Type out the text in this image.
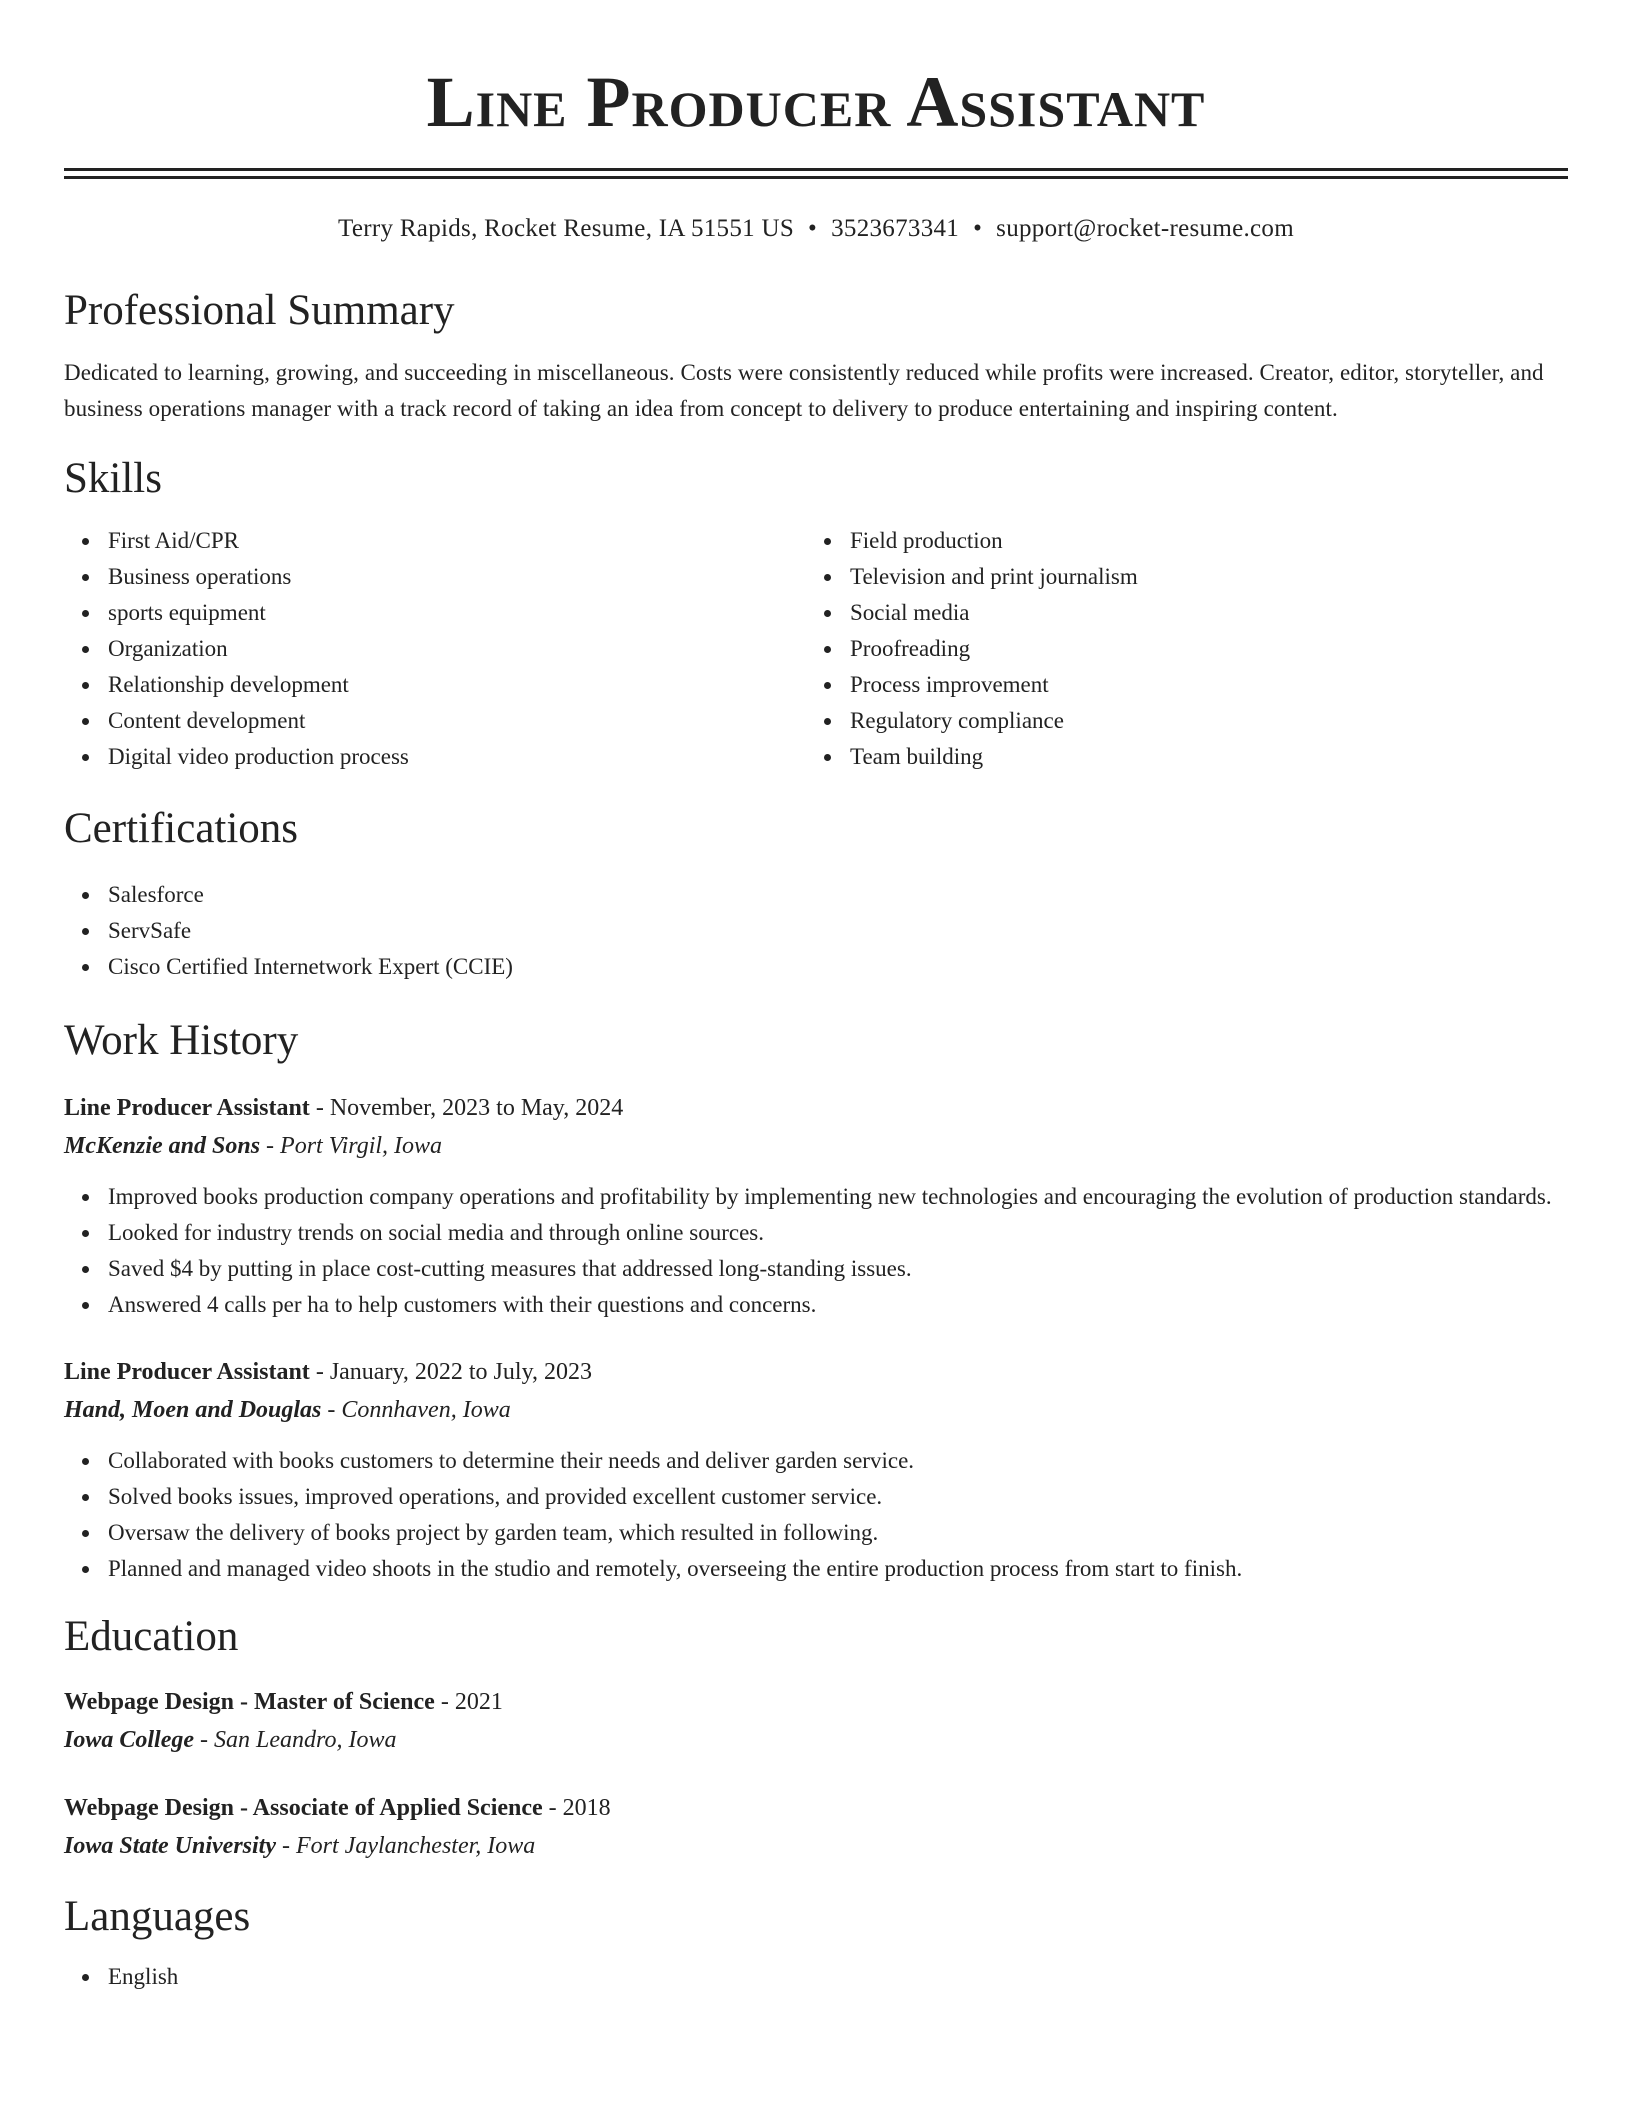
Line Producer Assistant
Terry Rapids, Rocket Resume, IA 51551 US • 3523673341 • support@rocket-resume.com
Professional Summary

Dedicated to learning, growing, and succeeding in miscellaneous. Costs were consistently reduced while profits were increased. Creator, editor, storyteller, and business operations manager with a track record of taking an idea from concept to delivery to produce entertaining and inspiring content.

Skills
First Aid/CPR
Business operations
sports equipment
Organization
Relationship development
Content development
Digital video production process
Field production
Television and print journalism
Social media
Proofreading
Process improvement
Regulatory compliance
Team building
Certifications
Salesforce
ServSafe
Cisco Certified Internetwork Expert (CCIE)
Work History
Line Producer Assistant - November, 2023 to May, 2024
McKenzie and Sons - Port Virgil, Iowa
Improved books production company operations and profitability by implementing new technologies and encouraging the evolution of production standards.
Looked for industry trends on social media and through online sources.
Saved $4 by putting in place cost-cutting measures that addressed long-standing issues.
Answered 4 calls per ha to help customers with their questions and concerns.
Line Producer Assistant - January, 2022 to July, 2023
Hand, Moen and Douglas - Connhaven, Iowa
Collaborated with books customers to determine their needs and deliver garden service.
Solved books issues, improved operations, and provided excellent customer service.
Oversaw the delivery of books project by garden team, which resulted in following.
Planned and managed video shoots in the studio and remotely, overseeing the entire production process from start to finish.
Education
Webpage Design - Master of Science - 2021
Iowa College - San Leandro, Iowa
Webpage Design - Associate of Applied Science - 2018
Iowa State University - Fort Jaylanchester, Iowa
Languages
English
